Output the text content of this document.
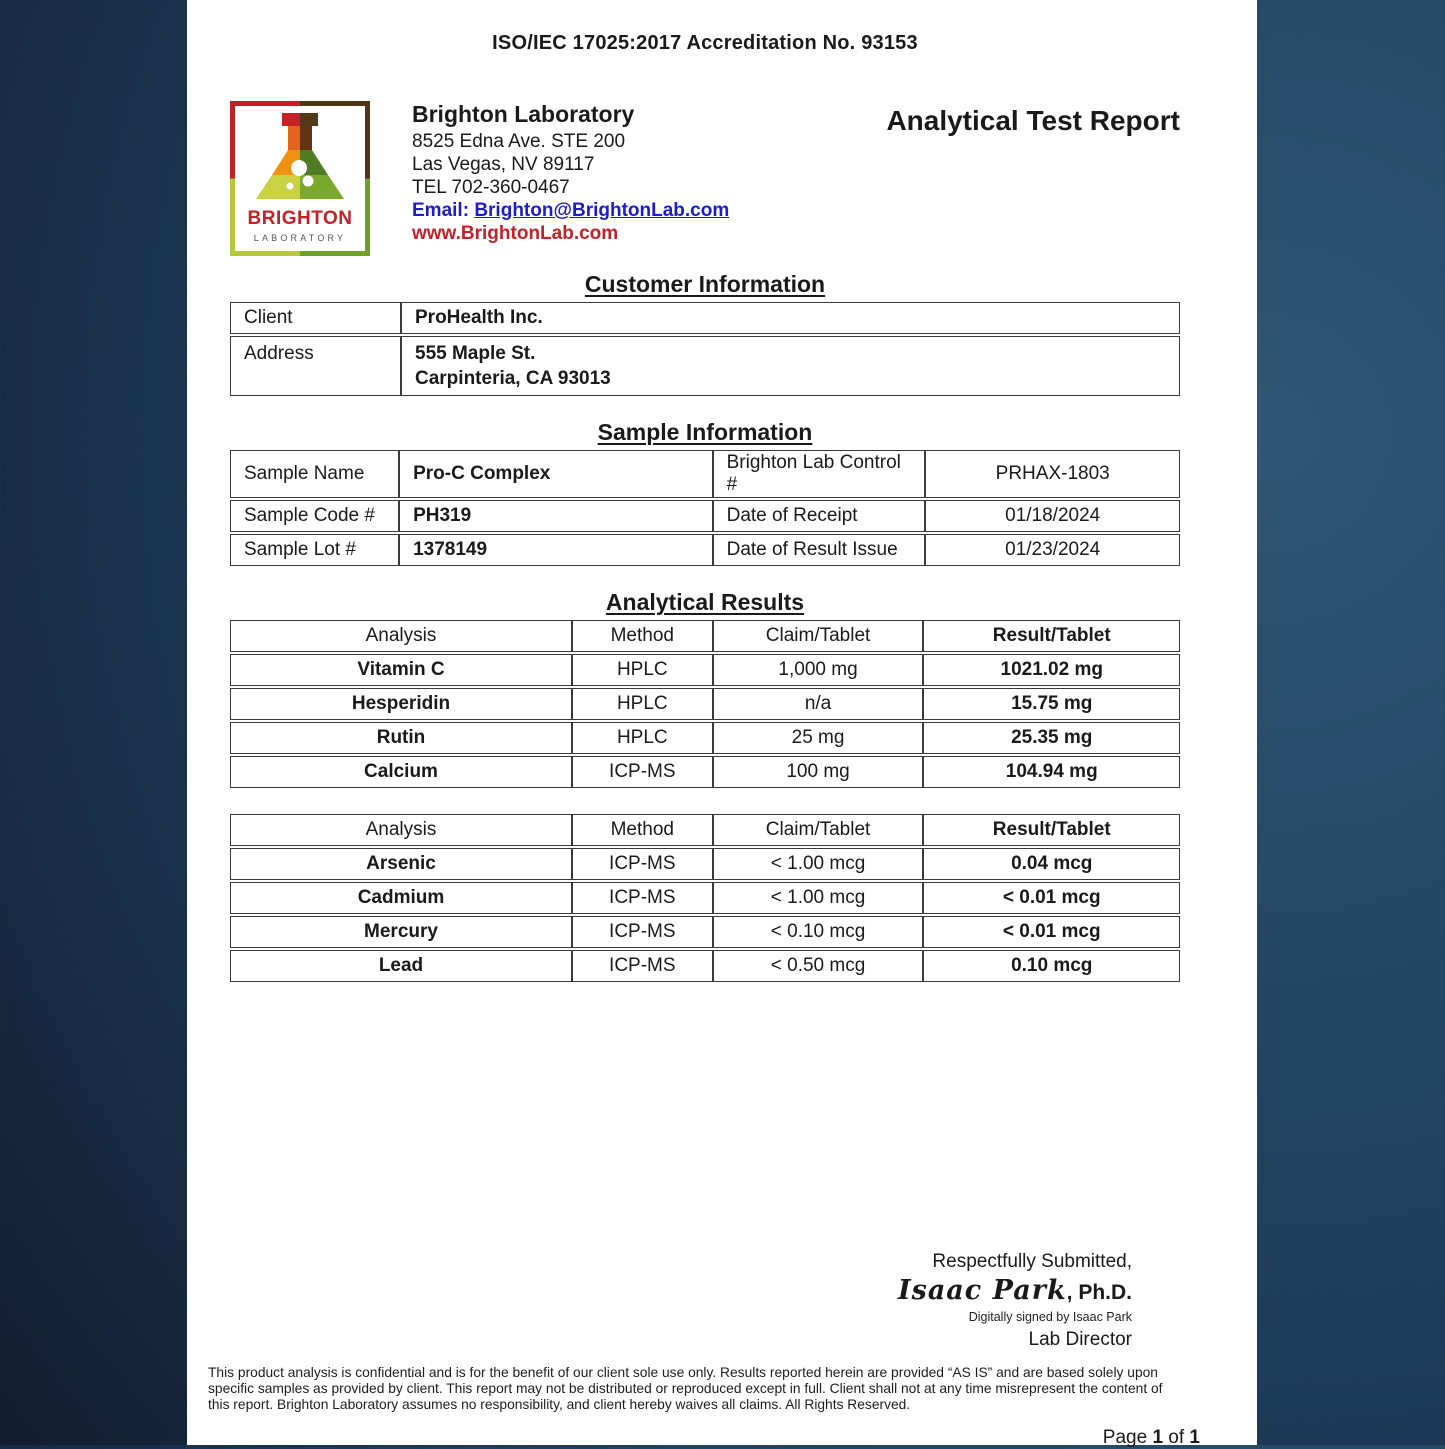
ISO/IEC 17025:2017 Accreditation No. 93153
BRIGHTON
LABORATORY
Brighton Laboratory
8525 Edna Ave. STE 200
Las Vegas, NV 89117
TEL 702-360-0467
Email: Brighton@BrightonLab.com
www.BrightonLab.com
Analytical Test Report
Customer Information
Client	ProHealth Inc.
Address	555 Maple St.
Carpinteria, CA 93013
Sample Information
Sample Name	Pro-C Complex	Brighton Lab Control #	PRHAX-1803
Sample Code #	PH319	Date of Receipt	01/18/2024
Sample Lot #	1378149	Date of Result Issue	01/23/2024
Analytical Results
Analysis	Method	Claim/Tablet	Result/Tablet
Vitamin C	HPLC	1,000 mg	1021.02 mg
Hesperidin	HPLC	n/a	15.75 mg
Rutin	HPLC	25 mg	25.35 mg
Calcium	ICP-MS	100 mg	104.94 mg
Analysis	Method	Claim/Tablet	Result/Tablet
Arsenic	ICP-MS	< 1.00 mcg	0.04 mcg
Cadmium	ICP-MS	< 1.00 mcg	< 0.01 mcg
Mercury	ICP-MS	< 0.10 mcg	< 0.01 mcg
Lead	ICP-MS	< 0.50 mcg	0.10 mcg
Respectfully Submitted,
Isaac Park, Ph.D.
Digitally signed by Isaac Park
Lab Director
This product analysis is confidential and is for the benefit of our client sole use only. Results reported herein are provided “AS IS” and are based solely upon specific samples as provided by client. This report may not be distributed or reproduced except in full. Client shall not at any time misrepresent the content of this report. Brighton Laboratory assumes no responsibility, and client hereby waives all claims. All Rights Reserved.
Page 1 of 1
